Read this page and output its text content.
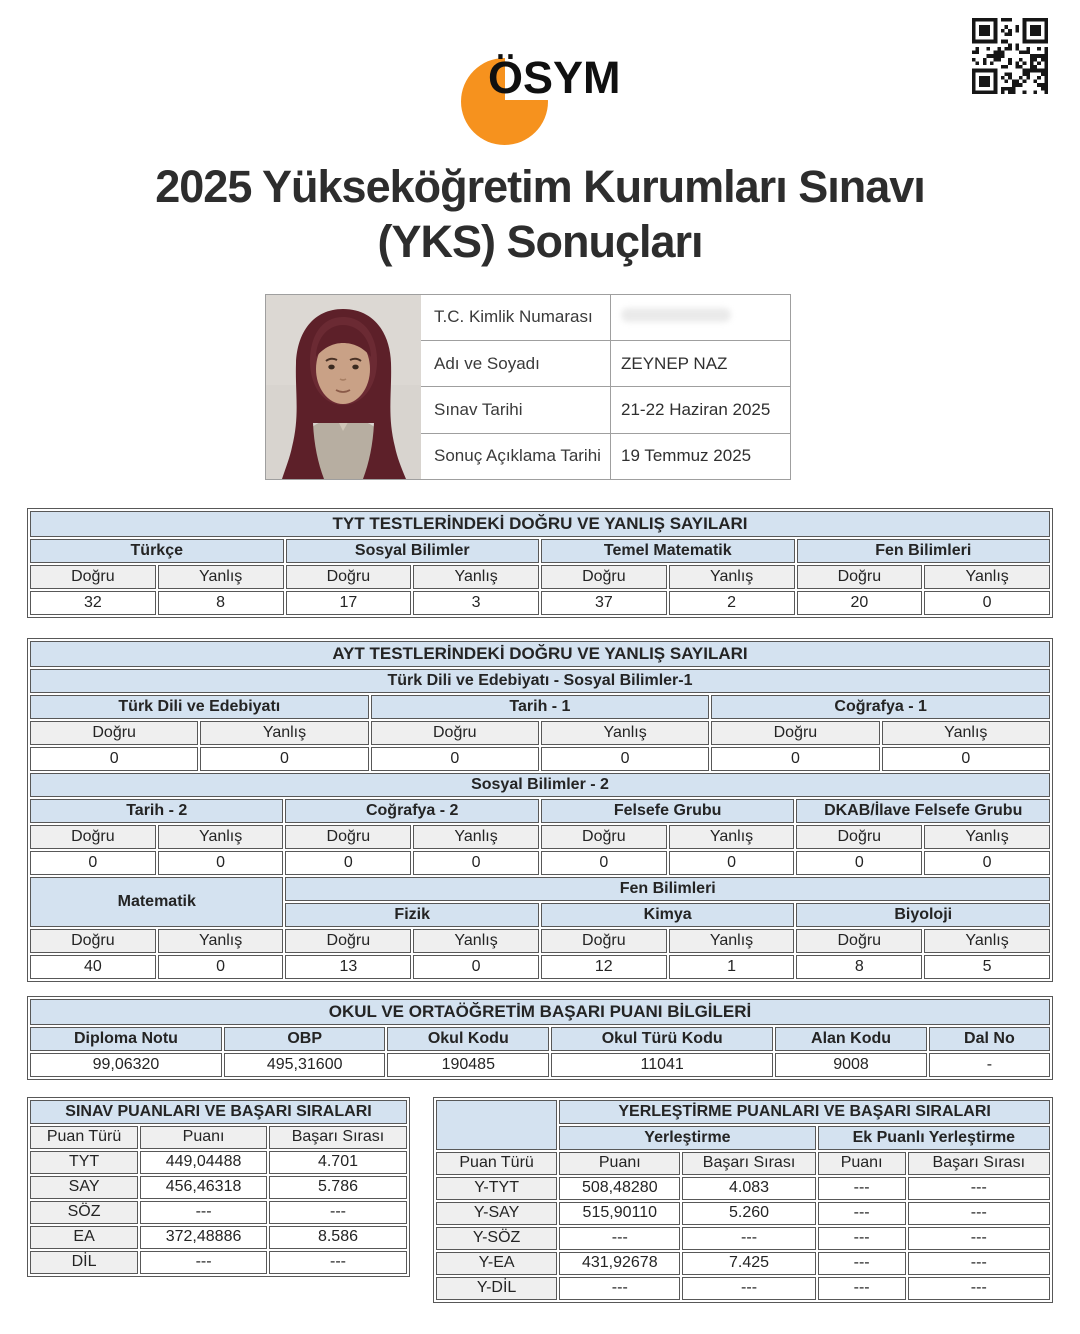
ÖSYM
2025 Yükseköğretim Kurumları Sınavı
(YKS) Sonuçları
	T.C. Kimlik Numarası	
	Adı ve Soyadı	ZEYNEP NAZ
	Sınav Tarihi	21-22 Haziran 2025
	Sonuç Açıklama Tarihi	19 Temmuz 2025
TYT TESTLERİNDEKİ DOĞRU VE YANLIŞ SAYILARI							
Türkçe		Sosyal Bilimler		Temel Matematik		Fen Bilimleri	
Doğru	Yanlış	Doğru	Yanlış	Doğru	Yanlış	Doğru	Yanlış
32	8	17	3	37	2	20	0
AYT TESTLERİNDEKİ DOĞRU VE YANLIŞ SAYILARI											
Türk Dili ve Edebiyatı - Sosyal Bilimler-1											
Türk Dili ve Edebiyatı				Tarih - 1				Coğrafya - 1			
Doğru		Yanlış		Doğru		Yanlış		Doğru		Yanlış	
0		0		0		0		0		0	
Sosyal Bilimler - 2											
Tarih - 2			Coğrafya - 2			Felsefe Grubu			DKAB/İlave Felsefe Grubu		
Doğru	Yanlış		Doğru		Yanlış	Doğru	Yanlış		Doğru		Yanlış
0	0		0		0	0	0		0		0
Matematik			Fen Bilimleri								
			Fizik			Kimya			Biyoloji		
Doğru	Yanlış		Doğru		Yanlış	Doğru	Yanlış		Doğru		Yanlış
40	0		13		0	12	1		8		5
OKUL VE ORTAÖĞRETİM BAŞARI PUANI BİLGİLERİ					
Diploma Notu	OBP	Okul Kodu	Okul Türü Kodu	Alan Kodu	Dal No
99,06320	495,31600	190485	11041	9008	-
SINAV PUANLARI VE BAŞARI SIRALARI		
Puan Türü	Puanı	Başarı Sırası
TYT	449,04488	4.701
SAY	456,46318	5.786
SÖZ	---	---
EA	372,48886	8.586
DİL	---	---
	YERLEŞTİRME PUANLARI VE BAŞARI SIRALARI			
	Yerleştirme		Ek Puanlı Yerleştirme	
Puan Türü	Puanı	Başarı Sırası	Puanı	Başarı Sırası
Y-TYT	508,48280	4.083	---	---
Y-SAY	515,90110	5.260	---	---
Y-SÖZ	---	---	---	---
Y-EA	431,92678	7.425	---	---
Y-DİL	---	---	---	---
